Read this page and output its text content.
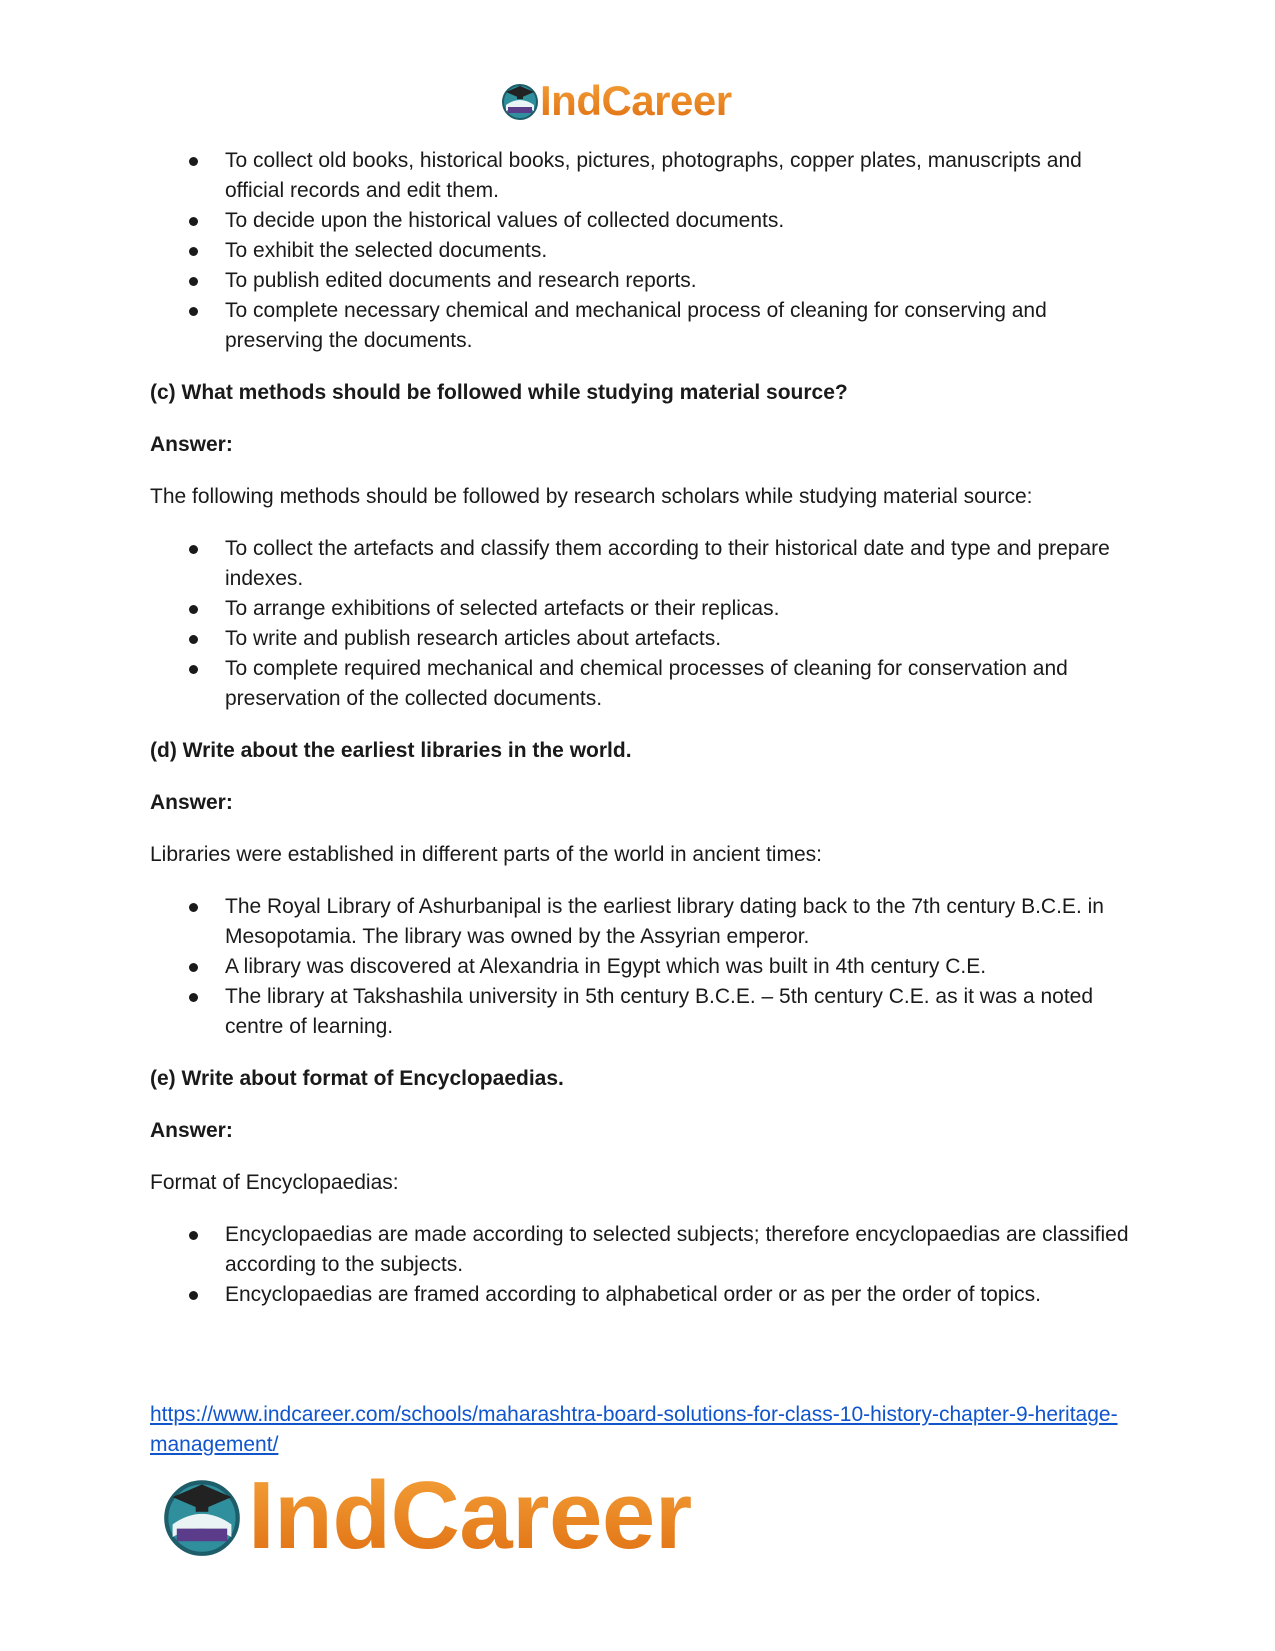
IndCareer
To collect old books, historical books, pictures, photographs, copper plates, manuscripts and official records and edit them.
To decide upon the historical values of collected documents.
To exhibit the selected documents.
To publish edited documents and research reports.
To complete necessary chemical and mechanical process of cleaning for conserving and preserving the documents.

(c) What methods should be followed while studying material source?

Answer:

The following methods should be followed by research scholars while studying material source:

To collect the artefacts and classify them according to their historical date and type and prepare indexes.
To arrange exhibitions of selected artefacts or their replicas.
To write and publish research articles about artefacts.
To complete required mechanical and chemical processes of cleaning for conservation and preservation of the collected documents.

(d) Write about the earliest libraries in the world.

Answer:

Libraries were established in different parts of the world in ancient times:

The Royal Library of Ashurbanipal is the earliest library dating back to the 7th century B.C.E. in Mesopotamia. The library was owned by the Assyrian emperor.
A library was discovered at Alexandria in Egypt which was built in 4th century C.E.
The library at Takshashila university in 5th century B.C.E. – 5th century C.E. as it was a noted centre of learning.

(e) Write about format of Encyclopaedias.

Answer:

Format of Encyclopaedias:

Encyclopaedias are made according to selected subjects; therefore encyclopaedias are classified according to the subjects.
Encyclopaedias are framed according to alphabetical order or as per the order of topics.
https://www.indcareer.com/schools/maharashtra-board-solutions-for-class-10-history-chapter-9-heritage-management/
IndCareer
